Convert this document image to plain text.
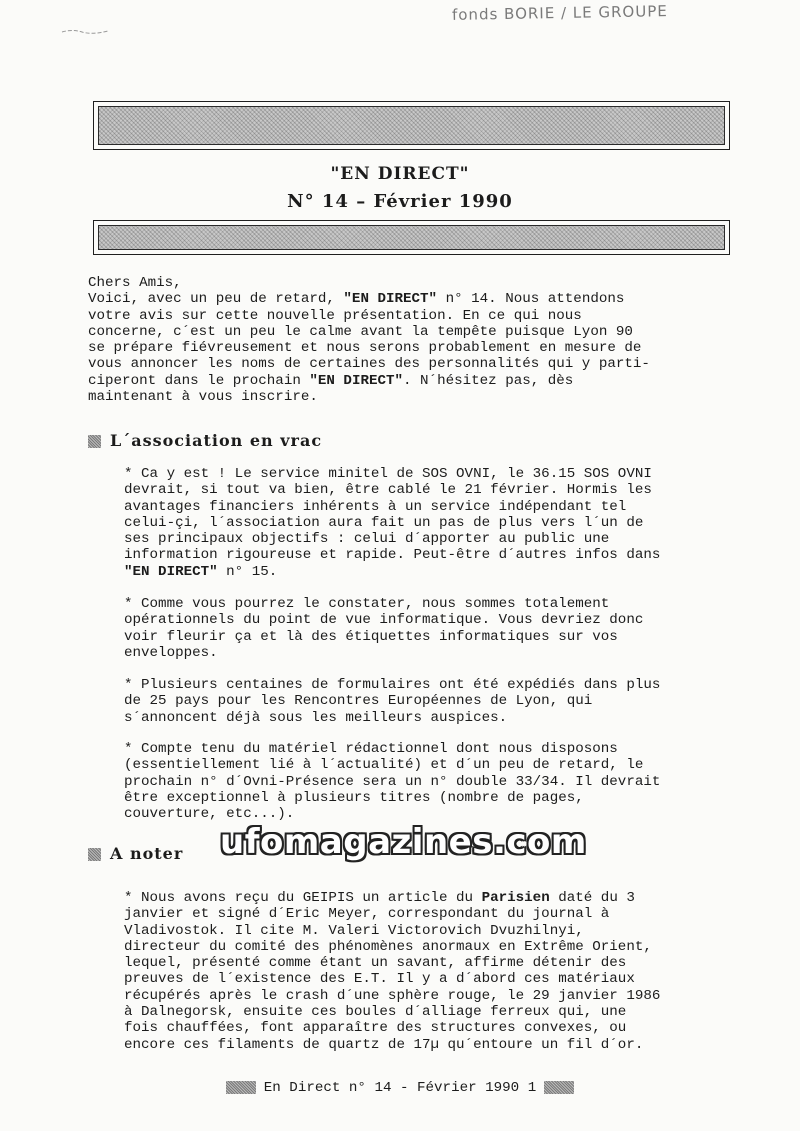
fonds BORIE / LE GROUPE
"EN DIRECT"
N° 14 – Février 1990
Chers Amis,
Voici, avec un peu de retard, "EN DIRECT" n° 14. Nous attendons
votre avis sur cette nouvelle présentation. En ce qui nous
concerne, c´est un peu le calme avant la tempête puisque Lyon 90
se prépare fiévreusement et nous serons probablement en mesure de
vous annoncer les noms de certaines des personnalités qui y parti-
ciperont dans le prochain "EN DIRECT". N´hésitez pas, dès
maintenant à vous inscrire.
L´association en vrac
* Ca y est ! Le service minitel de SOS OVNI, le 36.15 SOS OVNI
devrait, si tout va bien, être cablé le 21 février. Hormis les
avantages financiers inhérents à un service indépendant tel
celui-çi, l´association aura fait un pas de plus vers l´un de
ses principaux objectifs : celui d´apporter au public une
information rigoureuse et rapide. Peut-être d´autres infos dans
"EN DIRECT" n° 15.
* Comme vous pourrez le constater, nous sommes totalement
opérationnels du point de vue informatique. Vous devriez donc
voir fleurir ça et là des étiquettes informatiques sur vos
enveloppes.
* Plusieurs centaines de formulaires ont été expédiés dans plus
de 25 pays pour les Rencontres Européennes de Lyon, qui
s´annoncent déjà sous les meilleurs auspices.
* Compte tenu du matériel rédactionnel dont nous disposons
(essentiellement lié à l´actualité) et d´un peu de retard, le
prochain n° d´Ovni-Présence sera un n° double 33/34. Il devrait
être exceptionnel à plusieurs titres (nombre de pages,
couverture, etc...).
A noter ufomagazines.com
* Nous avons reçu du GEIPIS un article du Parisien daté du 3
janvier et signé d´Eric Meyer, correspondant du journal à
Vladivostok. Il cite M. Valeri Victorovich Dvuzhilnyi,
directeur du comité des phénomènes anormaux en Extrême Orient,
lequel, présenté comme étant un savant, affirme détenir des
preuves de l´existence des E.T. Il y a d´abord ces matériaux
récupérés après le crash d´une sphère rouge, le 29 janvier 1986
à Dalnegorsk, ensuite ces boules d´alliage ferreux qui, une
fois chauffées, font apparaître des structures convexes, ou
encore ces filaments de quartz de 17µ qu´entoure un fil d´or.
En Direct n° 14 - Février 1990 1
